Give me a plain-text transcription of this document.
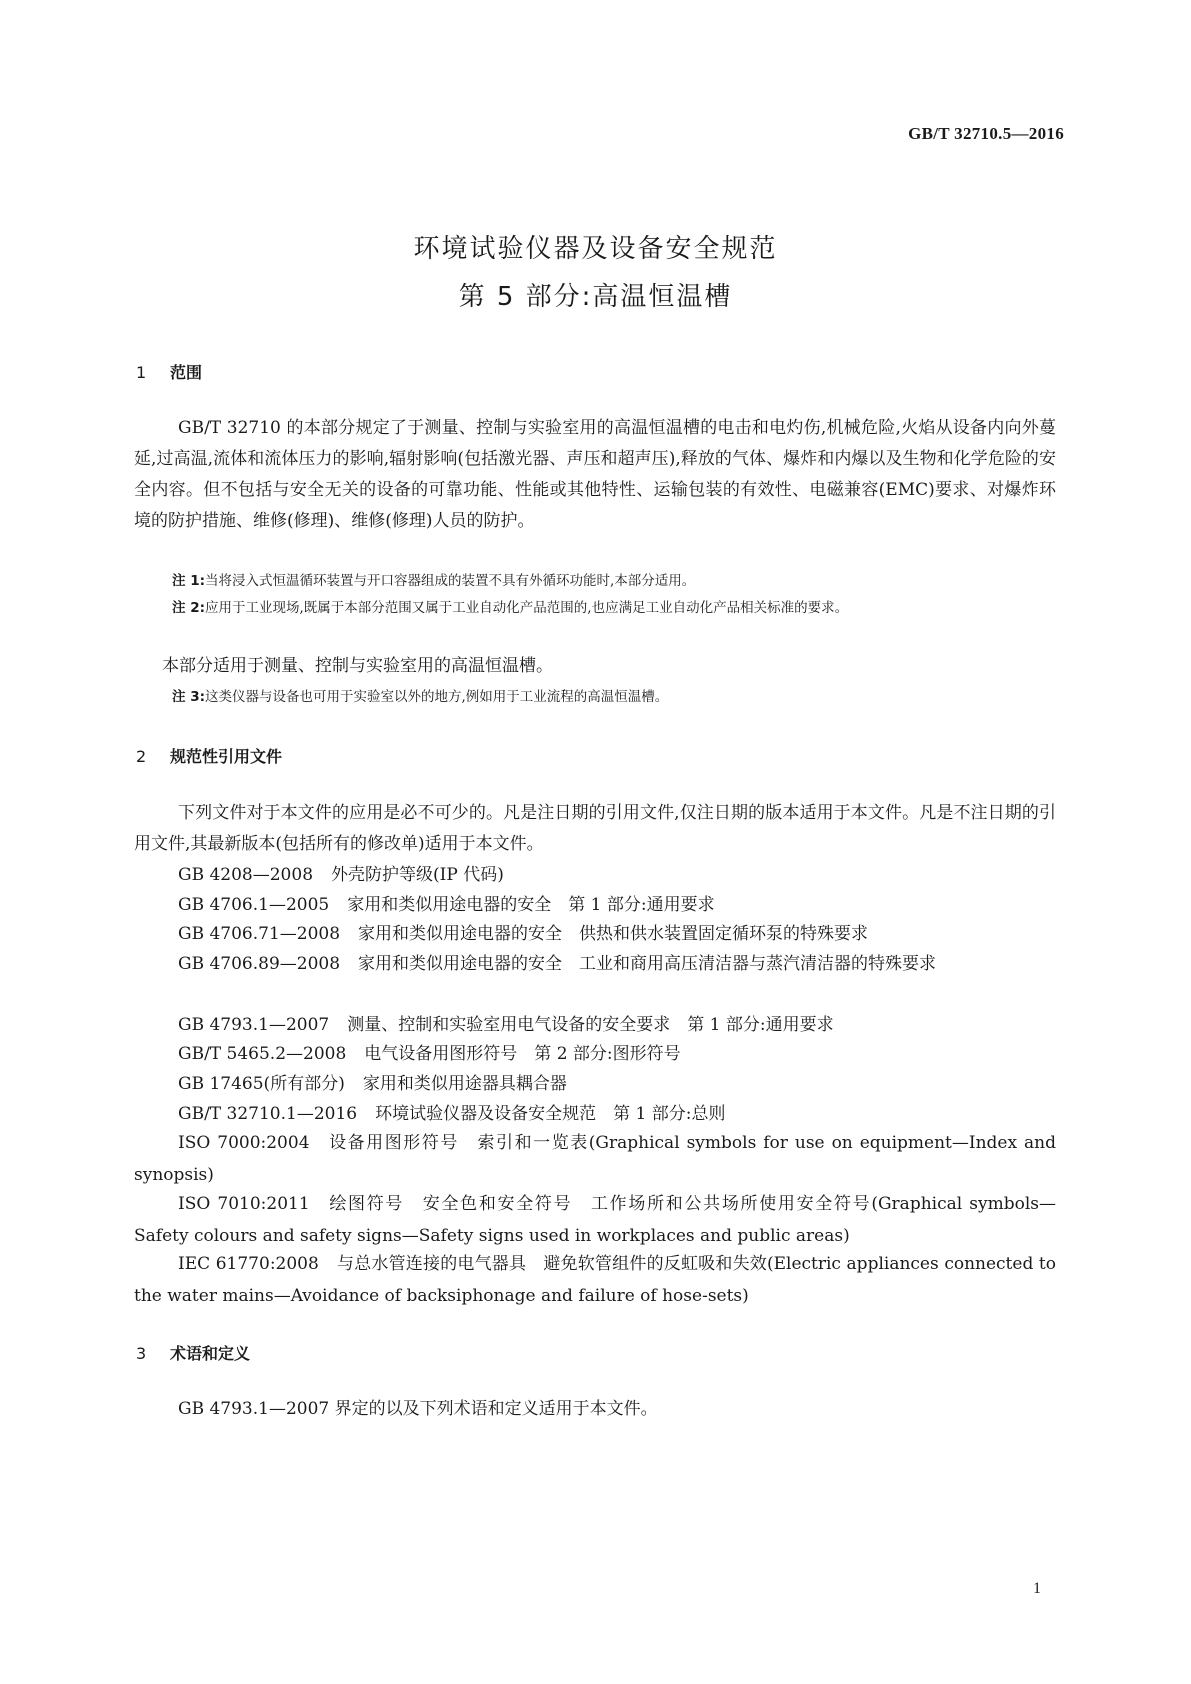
GB/T 32710.5—2016
环境试验仪器及设备安全规范
第 5 部分:高温恒温槽
1 范围
GB/T 32710 的本部分规定了于测量、控制与实验室用的高温恒温槽的电击和电灼伤,机械危险,火焰从设备内向外蔓延,过高温,流体和流体压力的影响,辐射影响(包括激光器、声压和超声压),释放的气体、爆炸和内爆以及生物和化学危险的安全内容。但不包括与安全无关的设备的可靠功能、性能或其他特性、运输包装的有效性、电磁兼容(EMC)要求、对爆炸环境的防护措施、维修(修理)、维修(修理)人员的防护。
注 1:当将浸入式恒温循环装置与开口容器组成的装置不具有外循环功能时,本部分适用。
注 2:应用于工业现场,既属于本部分范围又属于工业自动化产品范围的,也应满足工业自动化产品相关标准的要求。
本部分适用于测量、控制与实验室用的高温恒温槽。
注 3:这类仪器与设备也可用于实验室以外的地方,例如用于工业流程的高温恒温槽。
2 规范性引用文件
下列文件对于本文件的应用是必不可少的。凡是注日期的引用文件,仅注日期的版本适用于本文件。凡是不注日期的引用文件,其最新版本(包括所有的修改单)适用于本文件。
GB 4208—2008 外壳防护等级(IP 代码)
GB 4706.1—2005 家用和类似用途电器的安全　第 1 部分:通用要求
GB 4706.71—2008 家用和类似用途电器的安全　供热和供水装置固定循环泵的特殊要求
GB 4706.89—2008 家用和类似用途电器的安全　工业和商用高压清洁器与蒸汽清洁器的特殊要求
GB 4793.1—2007 测量、控制和实验室用电气设备的安全要求　第 1 部分:通用要求
GB/T 5465.2—2008 电气设备用图形符号　第 2 部分:图形符号
GB 17465(所有部分) 家用和类似用途器具耦合器
GB/T 32710.1—2016 环境试验仪器及设备安全规范　第 1 部分:总则
ISO 7000:2004 设备用图形符号　索引和一览表(Graphical symbols for use on equipment—Index and synopsis)
ISO 7010:2011 绘图符号　安全色和安全符号　工作场所和公共场所使用安全符号(Graphical symbols—Safety colours and safety signs—Safety signs used in workplaces and public areas)
IEC 61770:2008 与总水管连接的电气器具　避免软管组件的反虹吸和失效(Electric appliances connected to the water mains—Avoidance of backsiphonage and failure of hose-sets)
3 术语和定义
GB 4793.1—2007 界定的以及下列术语和定义适用于本文件。
1
